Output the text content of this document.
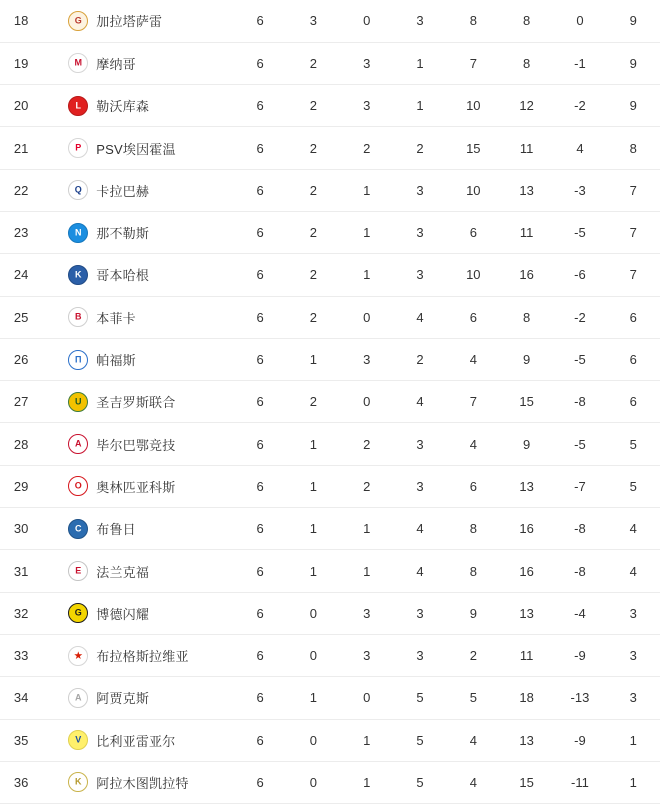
18	G 加拉塔萨雷	6	3	0	3	8	8	0	9
19	M 摩纳哥	6	2	3	1	7	8	-1	9
20	L 勒沃库森	6	2	3	1	10	12	-2	9
21	P PSV埃因霍温	6	2	2	2	15	11	4	8
22	Q 卡拉巴赫	6	2	1	3	10	13	-3	7
23	N 那不勒斯	6	2	1	3	6	11	-5	7
24	K 哥本哈根	6	2	1	3	10	16	-6	7
25	B 本菲卡	6	2	0	4	6	8	-2	6
26	Π 帕福斯	6	1	3	2	4	9	-5	6
27	U 圣吉罗斯联合	6	2	0	4	7	15	-8	6
28	A 毕尔巴鄂竞技	6	1	2	3	4	9	-5	5
29	O 奥林匹亚科斯	6	1	2	3	6	13	-7	5
30	C 布鲁日	6	1	1	4	8	16	-8	4
31	E 法兰克福	6	1	1	4	8	16	-8	4
32	G 博德闪耀	6	0	3	3	9	13	-4	3
33	★ 布拉格斯拉维亚	6	0	3	3	2	11	-9	3
34	A 阿贾克斯	6	1	0	5	5	18	-13	3
35	V 比利亚雷亚尔	6	0	1	5	4	13	-9	1
36	K 阿拉木图凯拉特	6	0	1	5	4	15	-11	1
